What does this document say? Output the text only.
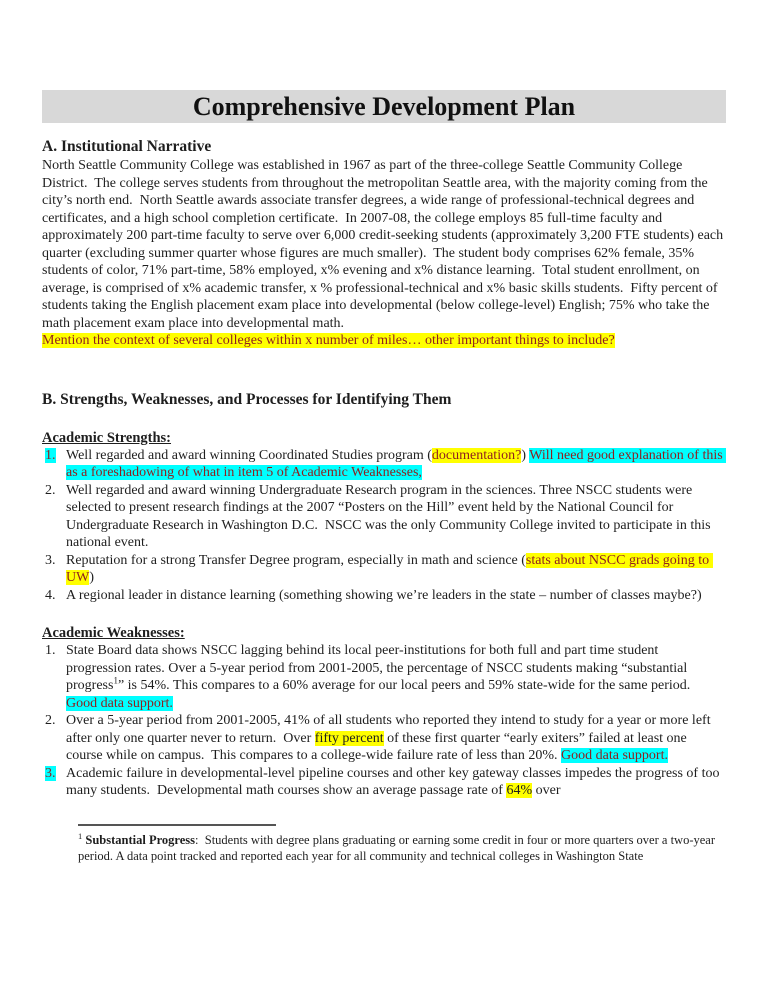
Comprehensive Development Plan
A. Institutional Narrative
North Seattle Community College was established in 1967 as part of the three-college Seattle Community College District.  The college serves students from throughout the metropolitan Seattle area, with the majority coming from the city’s north end.  North Seattle awards associate transfer degrees, a wide range of professional-technical degrees and certificates, and a high school completion certificate.  In 2007-08, the college employs 85 full-time faculty and approximately 200 part-time faculty to serve over 6,000 credit-seeking students (approximately 3,200 FTE students) each quarter (excluding summer quarter whose figures are much smaller).  The student body comprises 62% female, 35% students of color, 71% part-time, 58% employed, x% evening and x% distance learning.  Total student enrollment, on average, is comprised of x% academic transfer, x % professional-technical and x% basic skills students.  Fifty percent of students taking the English placement exam place into developmental (below college-level) English; 75% who take the math placement exam place into developmental math.
Mention the context of several colleges within x number of miles… other important things to include?
B. Strengths, Weaknesses, and Processes for Identifying Them
Academic Strengths:
1. Well regarded and award winning Coordinated Studies program (documentation?) Will need good explanation of this as a foreshadowing of what in item 5 of Academic Weaknesses,
2. Well regarded and award winning Undergraduate Research program in the sciences. Three NSCC students were selected to present research findings at the 2007 “Posters on the Hill” event held by the National Council for Undergraduate Research in Washington D.C.  NSCC was the only Community College invited to participate in this national event.
3. Reputation for a strong Transfer Degree program, especially in math and science (stats about NSCC grads going to UW)
4. A regional leader in distance learning (something showing we’re leaders in the state – number of classes maybe?)
Academic Weaknesses:
1. State Board data shows NSCC lagging behind its local peer-institutions for both full and part time student progression rates. Over a 5-year period from 2001-2005, the percentage of NSCC students making “substantial progress$^1$” is 54%. This compares to a 60% average for our local peers and 59% state-wide for the same period.  Good data support.
2. Over a 5-year period from 2001-2005, 41% of all students who reported they intend to study for a year or more left after only one quarter never to return.  Over fifty percent of these first quarter “early exiters” failed at least one course while on campus.  This compares to a college-wide failure rate of less than 20%. Good data support.
3. Academic failure in developmental-level pipeline courses and other key gateway classes impedes the progress of too many students.  Developmental math courses show an average passage rate of 64% over
$^1$ Substantial Progress:  Students with degree plans graduating or earning some credit in four or more quarters over a two-year period. A data point tracked and reported each year for all community and technical colleges in Washington State
